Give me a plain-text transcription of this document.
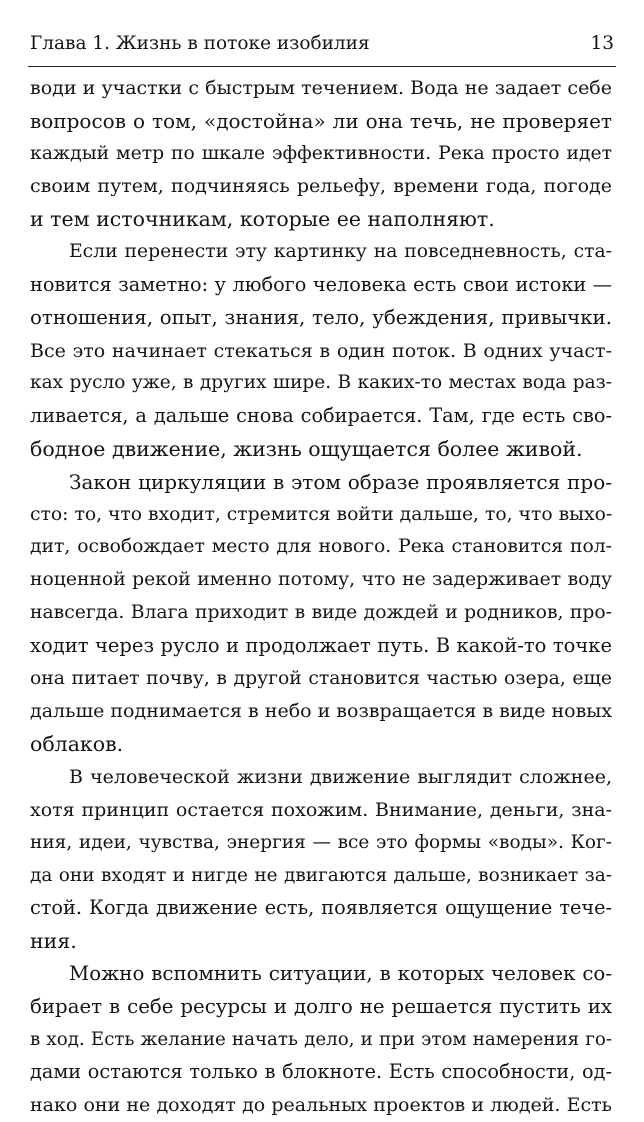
Глава 1. Жизнь в потоке изобилия	13
води и участки с быстрым течением. Вода не задает себе
вопросов о том, «достойна» ли она течь, не проверяет
каждый метр по шкале эффективности. Река просто идет
своим путем, подчиняясь рельефу, времени года, погоде
и тем источникам, которые ее наполняют.
Если перенести эту картинку на повседневность, ста-
новится заметно: у любого человека есть свои истоки —
отношения, опыт, знания, тело, убеждения, привычки.
Все это начинает стекаться в один поток. В одних участ-
ках русло уже, в других шире. В каких-то местах вода раз-
ливается, а дальше снова собирается. Там, где есть сво-
бодное движение, жизнь ощущается более живой.
Закон циркуляции в этом образе проявляется про-
сто: то, что входит, стремится войти дальше, то, что выхо-
дит, освобождает место для нового. Река становится пол-
ноценной рекой именно потому, что не задерживает воду
навсегда. Влага приходит в виде дождей и родников, про-
ходит через русло и продолжает путь. В какой-то точке
она питает почву, в другой становится частью озера, еще
дальше поднимается в небо и возвращается в виде новых
облаков.
В человеческой жизни движение выглядит сложнее,
хотя принцип остается похожим. Внимание, деньги, зна-
ния, идеи, чувства, энергия — все это формы «воды». Ког-
да они входят и нигде не двигаются дальше, возникает за-
стой. Когда движение есть, появляется ощущение тече-
ния.
Можно вспомнить ситуации, в которых человек со-
бирает в себе ресурсы и долго не решается пустить их
в ход. Есть желание начать дело, и при этом намерения го-
дами остаются только в блокноте. Есть способности, од-
нако они не доходят до реальных проектов и людей. Есть
